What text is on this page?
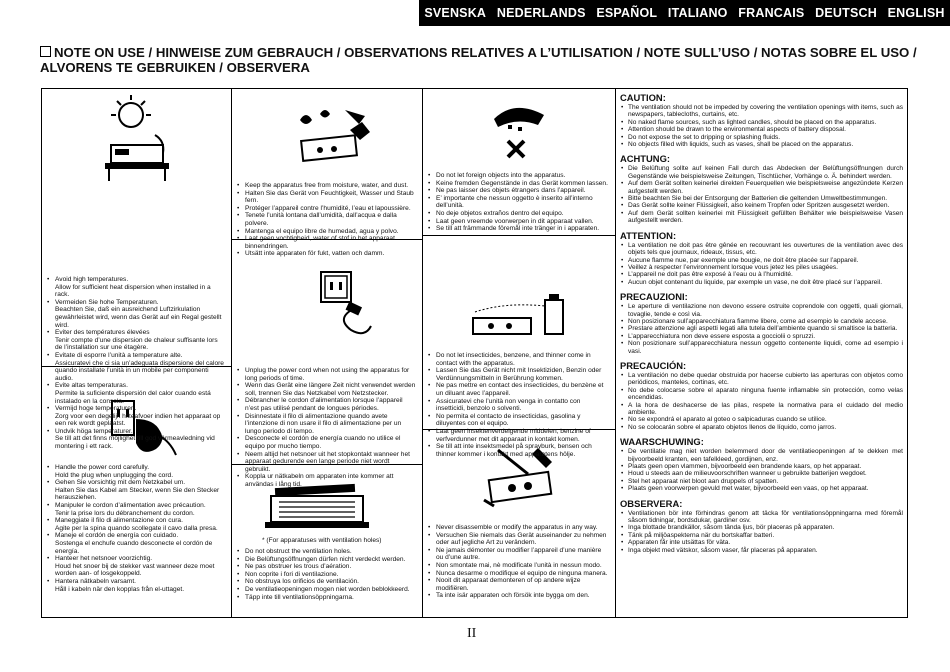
SVENSKA NEDERLANDS ESPAÑOL ITALIANO FRANCAIS DEUTSCH ENGLISH
NOTE ON USE / HINWEISE ZUM GEBRAUCH / OBSERVATIONS RELATIVES A L’UTILISATION / NOTE SULL’USO / NOTAS SOBRE EL USO / ALVORENS TE GEBRUIKEN / OBSERVERA
• Avoid high temperatures.
Allow for sufficient heat dispersion when installed in a rack.
• Vermeiden Sie hohe Temperaturen.
Beachten Sie, daß ein ausreichend Luftzirkulation gewährleistet wird, wenn das Gerät auf ein Regal gestellt wird.
• Eviter des températures élevées
Tenir compte d’une dispersion de chaleur suffisante lors de l’installation sur une étagère.
• Evitate di esporre l’unità a temperature alte.
Assicuratevi che ci sia un’adeguata dispersione del calore quando installate l’unità in un mobile per componenti audio.
• Evite altas temperaturas.
Permite la suficiente dispersión del calor cuando está instalado en la consola.
• Vermijd hoge temperaturen.
Zorg voor een degelijk hitteafvoer indien het apparaat op een rek wordt geplaatst.
• Undvik höga temperaturer.
Se till att det finns möjlighet till god värmeavledning vid montering i ett rack.
• Handle the power cord carefully.
Hold the plug when unplugging the cord.
• Gehen Sie vorsichtig mit dem Netzkabel um.
Halten Sie das Kabel am Stecker, wenn Sie den Stecker herausziehen.
• Manipuler le cordon d’alimentation avec précaution.
Tenir la prise lors du débranchement du cordon.
• Maneggiate il filo di alimentazione con cura.
Agite per la spina quando scollegate il cavo dalla presa.
• Maneje el cordón de energía con cuidado.
Sostenga el enchufe cuando desconecte el cordón de energía.
• Hanteer het netsnoer voorzichtig.
Houd het snoer bij de stekker vast wanneer deze moet worden aan- of losgekoppeld.
• Hantera nätkabeln varsamt.
Håll i kabeln när den kopplas från el-uttaget.
• Keep the apparatus free from moisture, water, and dust.
• Halten Sie das Gerät von Feuchtigkeit, Wasser und Staub fern.
• Protéger l’appareil contre l’humidité, l’eau et lapoussière.
• Tenete l’unità lontana dall’umidità, dall’acqua e dalla polvere.
• Mantenga el equipo libre de humedad, agua y polvo.
• Laat geen vochtigheid, water of stof in het apparaat binnendringen.
• Utsätt inte apparaten för fukt, vatten och damm.
• Unplug the power cord when not using the apparatus for long periods of time.
• Wenn das Gerät eine längere Zeit nicht verwendet werden soll, trennen Sie das Netzkabel vom Netzstecker.
• Débrancher le cordon d’alimentation lorsque l’appareil n’est pas utilisé pendant de longues périodes.
• Disinnestate il filo di alimentazione quando avete l’intenzione di non usare il filo di alimentazione per un lungo periodo di tempo.
• Desconecte el cordón de energía cuando no utilice el equipo por mucho tiempo.
• Neem altijd het netsnoer uit het stopkontakt wanneer het apparaat gedurende een lange periode niet wordt gebruikt.
• Koppla ur nätkabeln om apparaten inte kommer att användas i lång tid.
* (For apparatuses with ventilation holes)
• Do not obstruct the ventilation holes.
• Die Belüftungsöffnungen dürfen nicht verdeckt werden.
• Ne pas obstruer les trous d’aération.
• Non coprite i fori di ventilazione.
• No obstruya los orificios de ventilación.
• De ventilatieopeningen mogen niet worden beblokkeerd.
• Täpp inte till ventilationsöppningarna.
• Do not let foreign objects into the apparatus.
• Keine fremden Gegenstände in das Gerät kommen lassen.
• Ne pas laisser des objets étrangers dans l’appareil.
• E’ importante che nessun oggetto è inserito all’interno dell’unità.
• No deje objetos extraños dentro del equipo.
• Laat geen vreemde voorwerpen in dit apparaat vallen.
• Se till att främmande föremål inte tränger in i apparaten.
• Do not let insecticides, benzene, and thinner come in contact with the apparatus.
• Lassen Sie das Gerät nicht mit Insektiziden, Benzin oder Verdünnungsmitteln in Berührung kommen.
• Ne pas mettre en contact des insecticides, du benzène et un diluant avec l’appareil.
• Assicuratevi che l’unità non venga in contatto con insetticidi, benzolo o solventi.
• No permita el contacto de insecticidas, gasolina y diluyentes con el equipo.
• Laat geen insektenverdelgende middelen, benzine of verfverdunner met dit apparaat in kontakt komen.
• Se till att inte insektsmedel på sprayburk, bensen och thinner kommer i kontakt med apparatens hölje.
• Never disassemble or modify the apparatus in any way.
• Versuchen Sie niemals das Gerät auseinander zu nehmen oder auf jegliche Art zu verändern.
• Ne jamais démonter ou modifier l’appareil d’une manière ou d’une autre.
• Non smontate mai, nè modificate l’unità in nessun modo.
• Nunca desarme o modifique el equipo de ninguna manera.
• Nooit dit apparaat demonteren of op andere wijze modifiëren.
• Ta inte isär apparaten och försök inte bygga om den.
CAUTION:
• The ventilation should not be impeded by covering the ventilation openings with items, such as newspapers, tablecloths, curtains, etc.
• No naked flame sources, such as lighted candles, should be placed on the apparatus.
• Attention should be drawn to the environmental aspects of battery disposal.
• Do not expose the set to dripping or splashing fluids.
• No objects filled with liquids, such as vases, shall be placed on the apparatus.
ACHTUNG:
• Die Belüftung sollte auf keinen Fall durch das Abdecken der Belüftungsöffnungen durch Gegenstände wie beispielsweise Zeitungen, Tischtücher, Vorhänge o. Ä. behindert werden.
• Auf dem Gerät sollten keinerlei direkten Feuerquellen wie beispielsweise angezündete Kerzen aufgestellt werden.
• Bitte beachten Sie bei der Entsorgung der Batterien die geltenden Umweltbestimmungen.
• Das Gerät sollte keiner Flüssigkeit, also keinem Tropfen oder Spritzen ausgesetzt werden.
• Auf dem Gerät sollten keinerlei mit Flüssigkeit gefüllten Behälter wie beispielsweise Vasen aufgestellt werden.
ATTENTION:
• La ventilation ne doit pas être gênée en recouvrant les ouvertures de la ventilation avec des objets tels que journaux, rideaux, tissus, etc.
• Aucune flamme nue, par exemple une bougie, ne doit être placée sur l’appareil.
• Veillez à respecter l’environnement lorsque vous jetez les piles usagées.
• L’appareil ne doit pas être exposé à l’eau ou à l’humidité.
• Aucun objet contenant du liquide, par exemple un vase, ne doit être placé sur l’appareil.
PRECAUZIONI:
• Le aperture di ventilazione non devono essere ostruite coprendole con oggetti, quali giornali, tovaglie, tende e così via.
• Non posizionare sull’apparecchiatura fiamme libere, come ad esempio le candele accese.
• Prestare attenzione agli aspetti legati alla tutela dell’ambiente quando si smaltisce la batteria.
• L’apparecchiatura non deve essere esposta a gocciolii o spruzzi.
• Non posizionare sull’apparecchiatura nessun oggetto contenente liquidi, come ad esempio i vasi.
PRECAUCIÓN:
• La ventilación no debe quedar obstruida por hacerse cubierto las aperturas con objetos como periódicos, manteles, cortinas, etc.
• No debe colocarse sobre el aparato ninguna fuente inflamable sin protección, como velas encendidas.
• A la hora de deshacerse de las pilas, respete la normativa para el cuidado del medio ambiente.
• No se expondrá el aparato al goteo o salpicaduras cuando se utilice.
• No se colocarán sobre el aparato objetos llenos de líquido, como jarros.
WAARSCHUWING:
• De ventilatie mag niet worden belemmerd door de ventilatieopeningen af te dekken met bijvoorbeeld kranten, een tafelkleed, gordijnen, enz.
• Plaats geen open vlammen, bijvoorbeeld een brandende kaars, op het apparaat.
• Houd u steeds aan de milieuvoorschriften wanneer u gebruikte batterijen wegdoet.
• Stel het apparaat niet bloot aan druppels of spatten.
• Plaats geen voorwerpen gevuld met water, bijvoorbeeld een vaas, op het apparaat.
OBSERVERA:
• Ventilationen bör inte förhindras genom att täcka för ventilationsöppningarna med föremål såsom tidningar, bordsdukar, gardiner osv.
• Inga blottade brandkällor, såsom tända ljus, bör placeras på apparaten.
• Tänk på miljöaspekterna när du bortskaffar batteri.
• Apparaten får inte utsättas för väta.
• Inga objekt med vätskor, såsom vaser, får placeras på apparaten.
II
